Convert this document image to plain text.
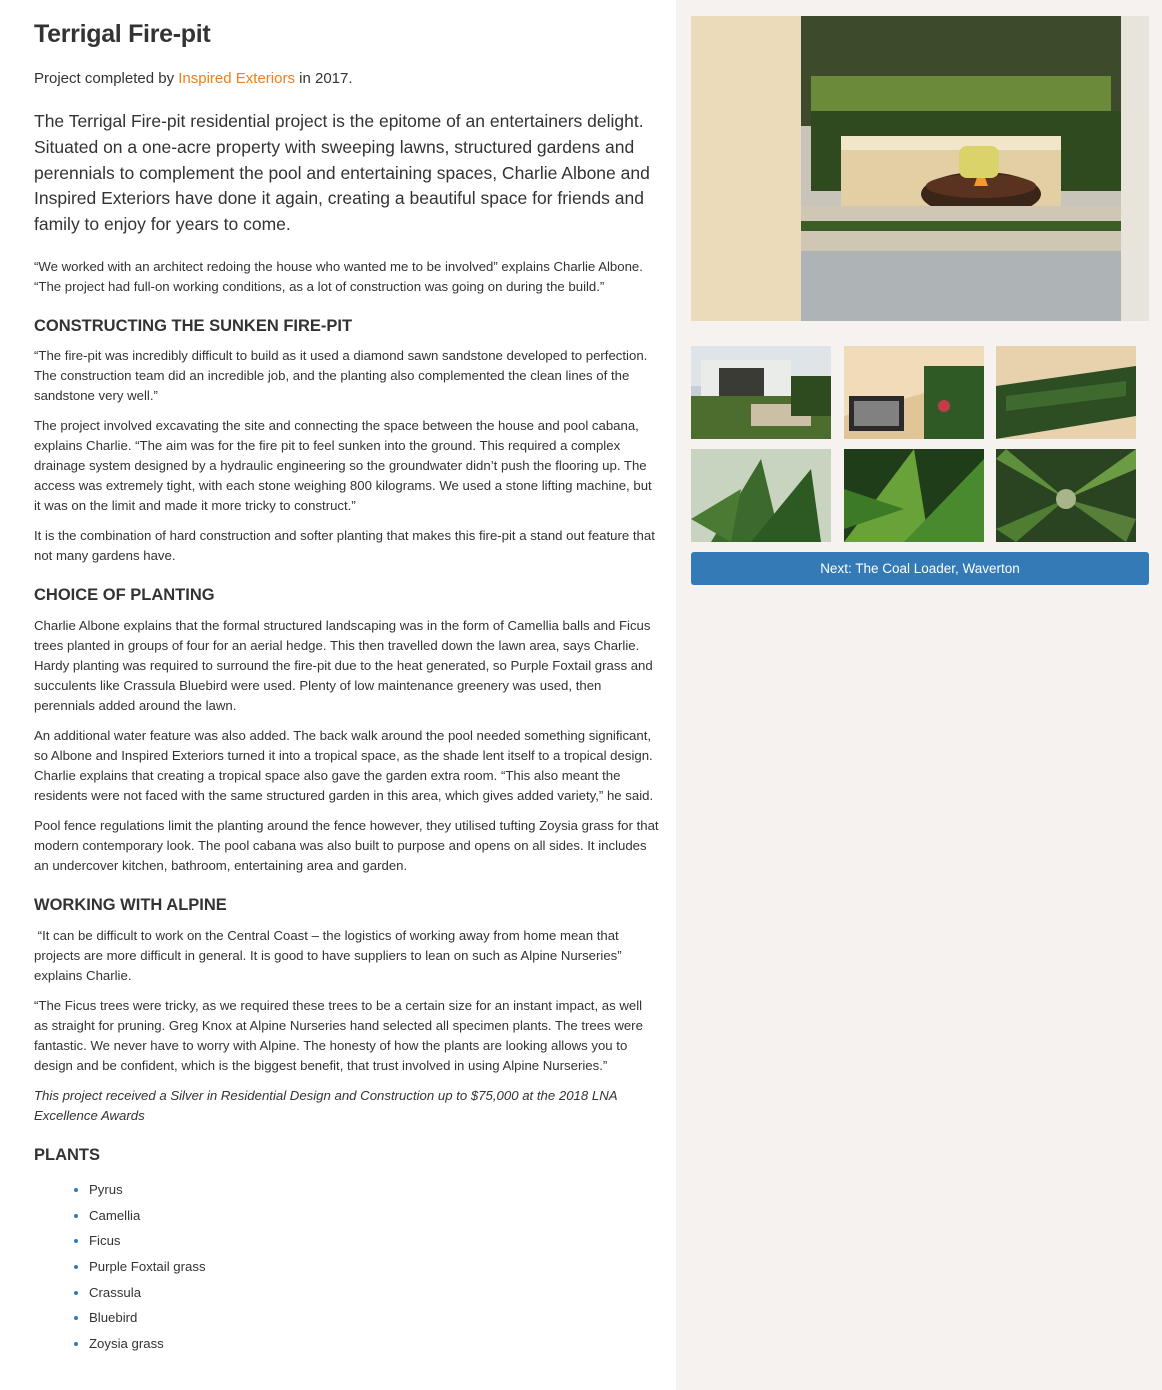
Terrigal Fire-pit

Project completed by Inspired Exteriors in 2017.

The Terrigal Fire-pit residential project is the epitome of an entertainers delight. Situated on a one-acre property with sweeping lawns, structured gardens and perennials to complement the pool and entertaining spaces, Charlie Albone and Inspired Exteriors have done it again, creating a beautiful space for friends and family to enjoy for years to come.

“We worked with an architect redoing the house who wanted me to be involved” explains Charlie Albone. “The project had full-on working conditions, as a lot of construction was going on during the build.”

CONSTRUCTING THE SUNKEN FIRE-PIT

“The fire-pit was incredibly difficult to build as it used a diamond sawn sandstone developed to perfection. The construction team did an incredible job, and the planting also complemented the clean lines of the sandstone very well.”

The project involved excavating the site and connecting the space between the house and pool cabana, explains Charlie. “The aim was for the fire pit to feel sunken into the ground. This required a complex drainage system designed by a hydraulic engineering so the groundwater didn’t push the flooring up. The access was extremely tight, with each stone weighing 800 kilograms. We used a stone lifting machine, but it was on the limit and made it more tricky to construct.”

It is the combination of hard construction and softer planting that makes this fire-pit a stand out feature that not many gardens have.

CHOICE OF PLANTING

Charlie Albone explains that the formal structured landscaping was in the form of Camellia balls and Ficus trees planted in groups of four for an aerial hedge. This then travelled down the lawn area, says Charlie. Hardy planting was required to surround the fire-pit due to the heat generated, so Purple Foxtail grass and succulents like Crassula Bluebird were used. Plenty of low maintenance greenery was used, then perennials added around the lawn.

An additional water feature was also added. The back walk around the pool needed something significant, so Albone and Inspired Exteriors turned it into a tropical space, as the shade lent itself to a tropical design. Charlie explains that creating a tropical space also gave the garden extra room. “This also meant the residents were not faced with the same structured garden in this area, which gives added variety,” he said.

Pool fence regulations limit the planting around the fence however, they utilised tufting Zoysia grass for that modern contemporary look. The pool cabana was also built to purpose and opens on all sides. It includes an undercover kitchen, bathroom, entertaining area and garden.

WORKING WITH ALPINE

“It can be difficult to work on the Central Coast – the logistics of working away from home mean that projects are more difficult in general. It is good to have suppliers to lean on such as Alpine Nurseries” explains Charlie.

“The Ficus trees were tricky, as we required these trees to be a certain size for an instant impact, as well as straight for pruning. Greg Knox at Alpine Nurseries hand selected all specimen plants. The trees were fantastic. We never have to worry with Alpine. The honesty of how the plants are looking allows you to design and be confident, which is the biggest benefit, that trust involved in using Alpine Nurseries.”

This project received a Silver in Residential Design and Construction up to $75,000 at the 2018 LNA Excellence Awards

PLANTS
Pyrus
Camellia
Ficus
Purple Foxtail grass
Crassula
Bluebird
Zoysia grass
Next: The Coal Loader, Waverton
